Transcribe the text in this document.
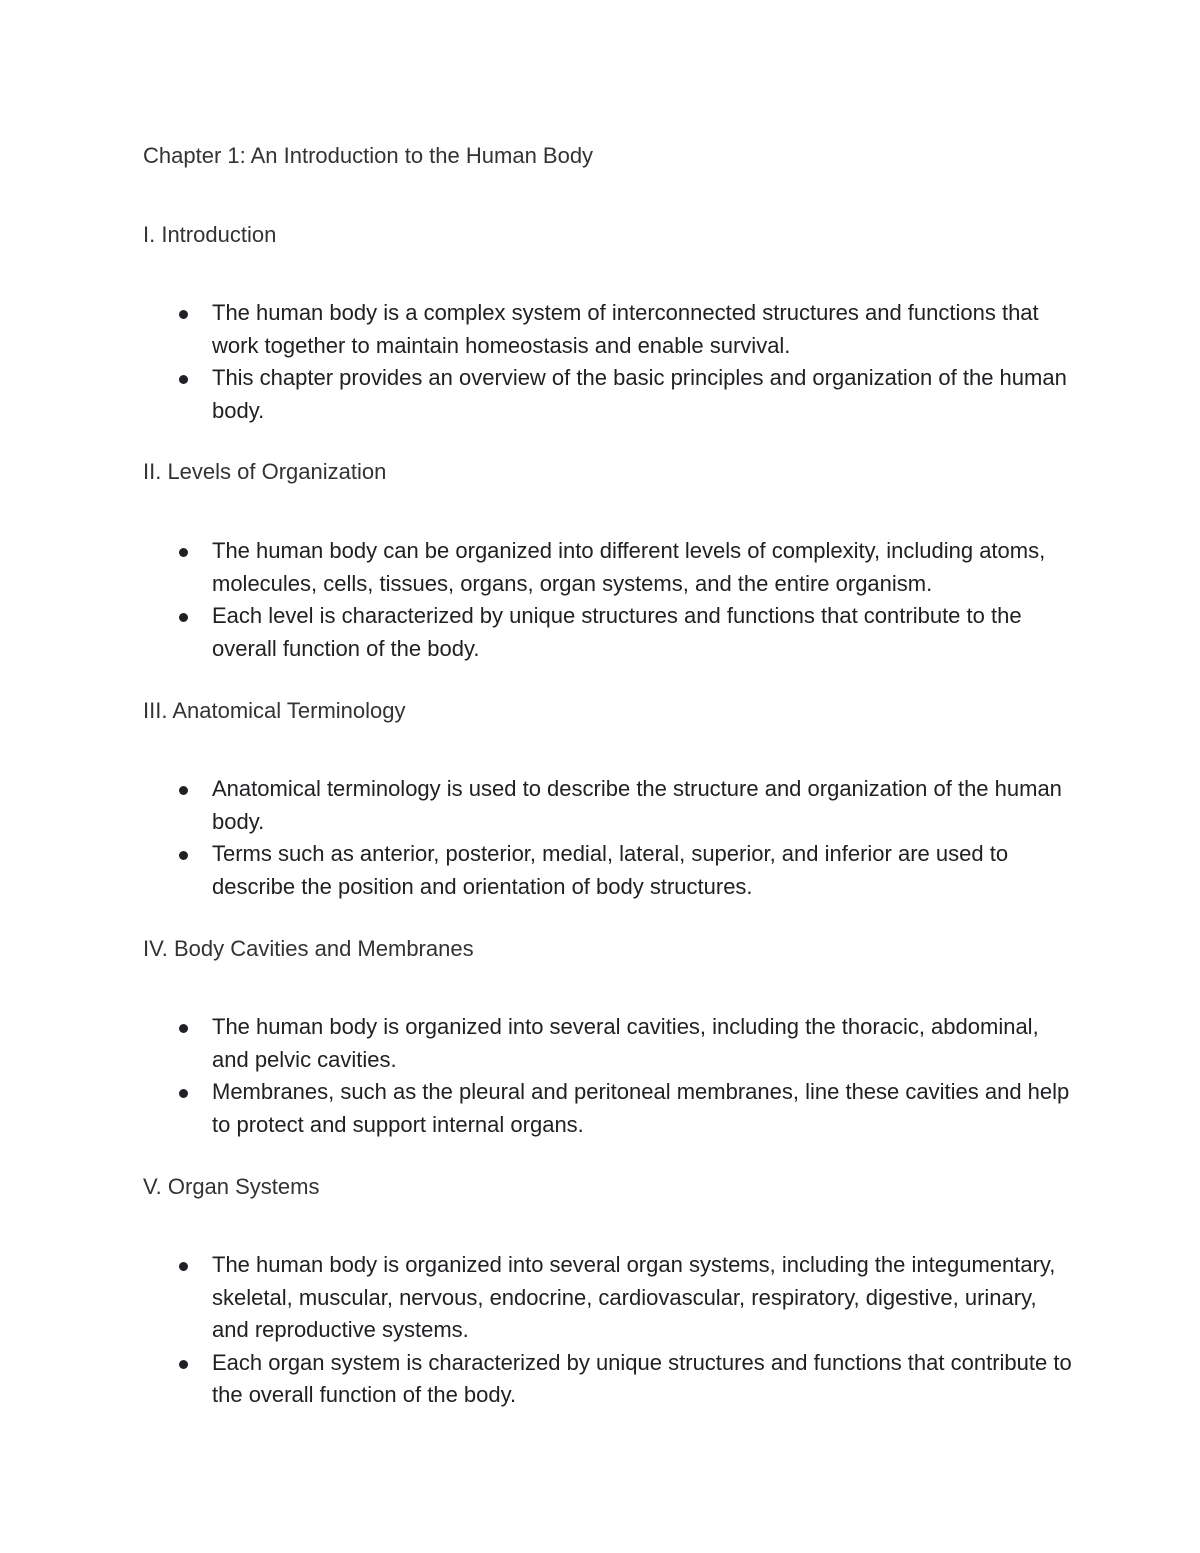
Chapter 1: An Introduction to the Human Body
I. Introduction
The human body is a complex system of interconnected structures and functions that work together to maintain homeostasis and enable survival.
This chapter provides an overview of the basic principles and organization of the human body.
II. Levels of Organization
The human body can be organized into different levels of complexity, including atoms, molecules, cells, tissues, organs, organ systems, and the entire organism.
Each level is characterized by unique structures and functions that contribute to the overall function of the body.
III. Anatomical Terminology
Anatomical terminology is used to describe the structure and organization of the human body.
Terms such as anterior, posterior, medial, lateral, superior, and inferior are used to describe the position and orientation of body structures.
IV. Body Cavities and Membranes
The human body is organized into several cavities, including the thoracic, abdominal, and pelvic cavities.
Membranes, such as the pleural and peritoneal membranes, line these cavities and help to protect and support internal organs.
V. Organ Systems
The human body is organized into several organ systems, including the integumentary, skeletal, muscular, nervous, endocrine, cardiovascular, respiratory, digestive, urinary, and reproductive systems.
Each organ system is characterized by unique structures and functions that contribute to the overall function of the body.
